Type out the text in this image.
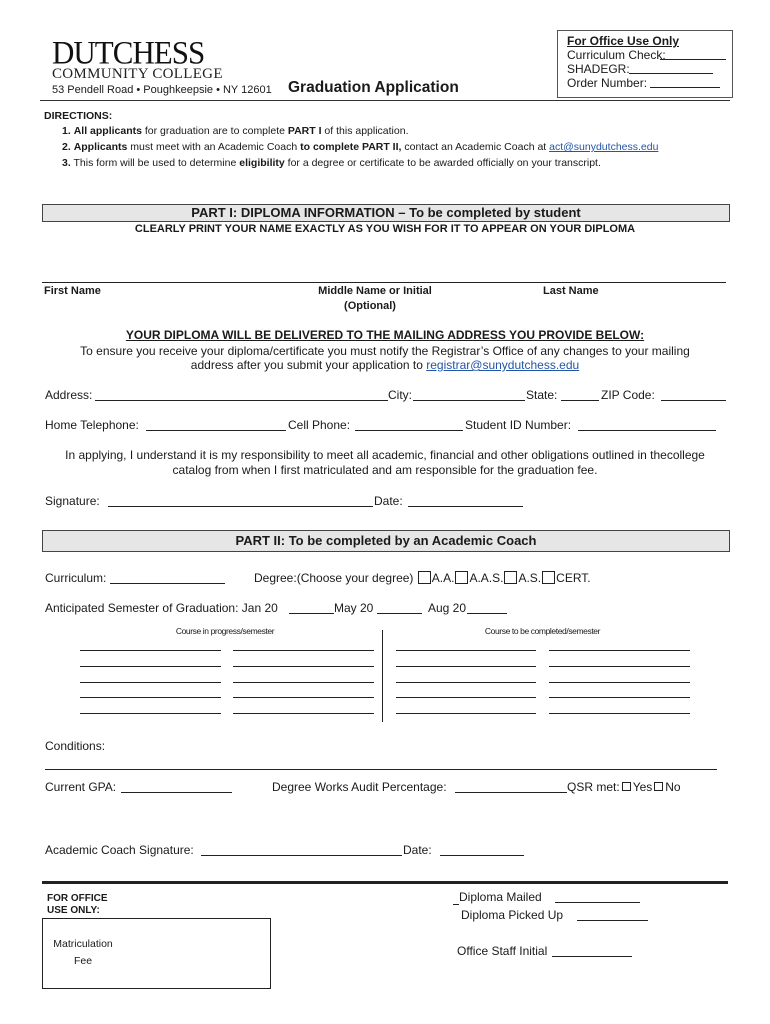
DUTCHESS
COMMUNITY COLLEGE
53 Pendell Road • Poughkeepsie • NY 12601 Graduation Application
For Office Use Only
Curriculum Check:
SHADEGR:
Order Number:
DIRECTIONS:
1. All applicants for graduation are to complete PART I of this application.
2. Applicants must meet with an Academic Coach to complete PART II, contact an Academic Coach at act@sunydutchess.edu
3. This form will be used to determine eligibility for a degree or certificate to be awarded officially on your transcript.
PART I: DIPLOMA INFORMATION – To be completed by student
CLEARLY PRINT YOUR NAME EXACTLY AS YOU WISH FOR IT TO APPEAR ON YOUR DIPLOMA
First Name	Middle Name or Initial
(Optional)
Last Name
YOUR DIPLOMA WILL BE DELIVERED TO THE MAILING ADDRESS YOU PROVIDE BELOW:
To ensure you receive your diploma/certificate you must notify the Registrar’s Office of any changes to your mailing
address after you submit your application to registrar@sunydutchess.edu
Address:	City:	State:	ZIP Code:
Home Telephone:	Cell Phone:	Student ID Number:
In applying, I understand it is my responsibility to meet all academic, financial and other obligations outlined in thecollege
catalog from when I first matriculated and am responsible for the graduation fee.
Signature:	Date:
PART II: To be completed by an Academic Coach
Curriculum:	Degree:(Choose your degree) A.A. A.A.S. A.S. CERT.
Anticipated Semester of Graduation: Jan 20	May 20	Aug 20
Course in progress/semester	Course to be completed/semester
Conditions:
Current GPA:	Degree Works Audit Percentage:	QSR met: Yes No
Academic Coach Signature:	Date:
FOR OFFICE
USE ONLY:
Matriculation
Fee
Diploma Mailed
Diploma Picked Up
Office Staff Initial
